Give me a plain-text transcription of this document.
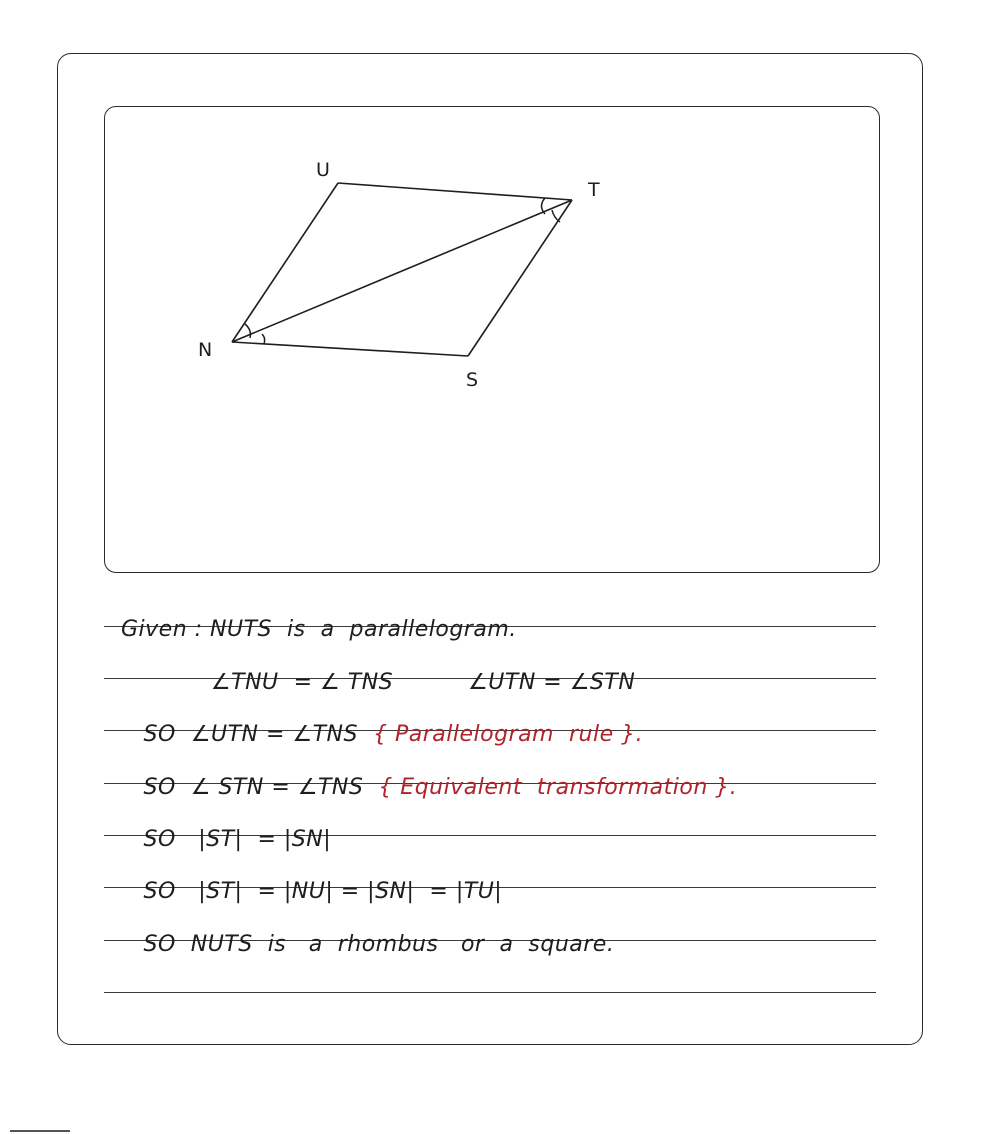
U
T
N
S

Given : NUTS  is  a  parallelogram.

∠TNU  = ∠ TNS          ∠UTN = ∠STN

SO  ∠UTN = ∠TNS  { Parallelogram  rule }.

SO  ∠ STN = ∠TNS  { Equivalent  transformation }.

SO   |ST|  = |SN|

SO   |ST|  = |NU| = |SN|  = |TU|

SO  NUTS  is   a  rhombus   or  a  square.
